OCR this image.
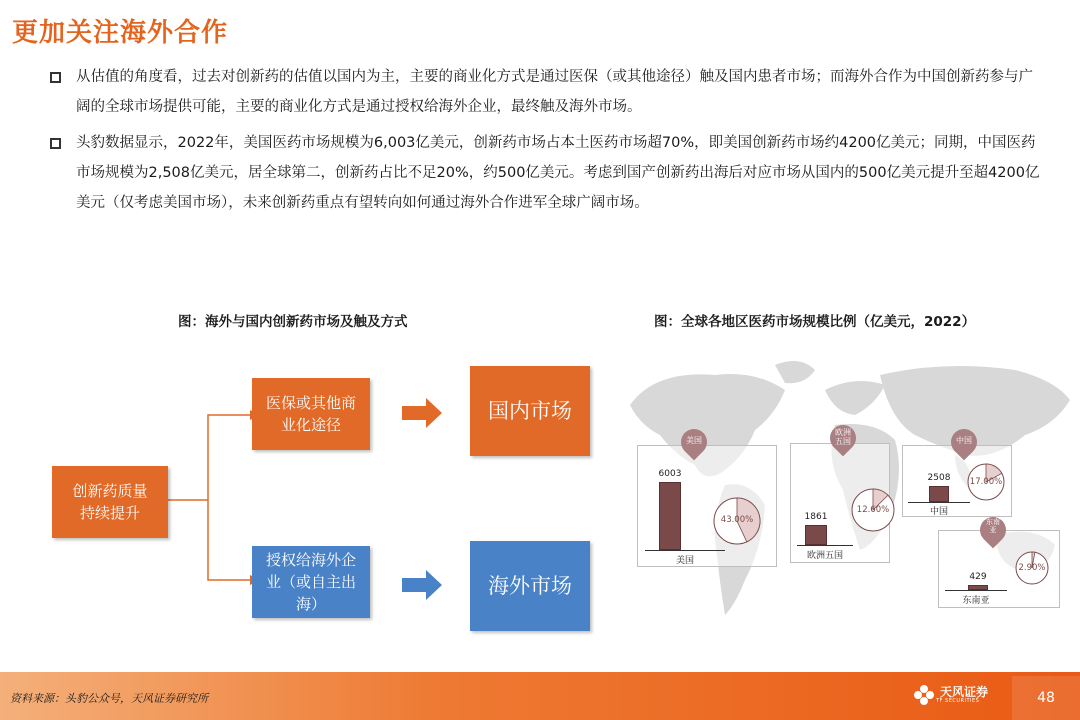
更加关注海外合作
从估值的角度看，过去对创新药的估值以国内为主，主要的商业化方式是通过医保（或其他途径）触及国内患者市场；而海外合作为中国创新药参与广阔的全球市场提供可能，主要的商业化方式是通过授权给海外企业，最终触及海外市场。
头豹数据显示，2022年，美国医药市场规模为6,003亿美元，创新药市场占本土医药市场超70%，即美国创新药市场约4200亿美元；同期，中国医药市场规模为2,508亿美元，居全球第二，创新药占比不足20%，约500亿美元。考虑到国产创新药出海后对应市场从国内的500亿美元提升至超4200亿美元（仅考虑美国市场），未来创新药重点有望转向如何通过海外合作进军全球广阔市场。
图：海外与国内创新药市场及触及方式
创新药质量持续提升
医保或其他商业化途径
授权给海外企业（或自主出海）
国内市场
海外市场
图：全球各地区医药市场规模比例（亿美元，2022）
美国
6003
美国
43.00%
欧洲五国
1861
欧洲五国
12.60%
中国
2508
中国
17.00%
东南亚
429
东南亚
2.90%
资料来源：头豹公众号，天风证券研究所	天风证券
TF SECURITIES	48
